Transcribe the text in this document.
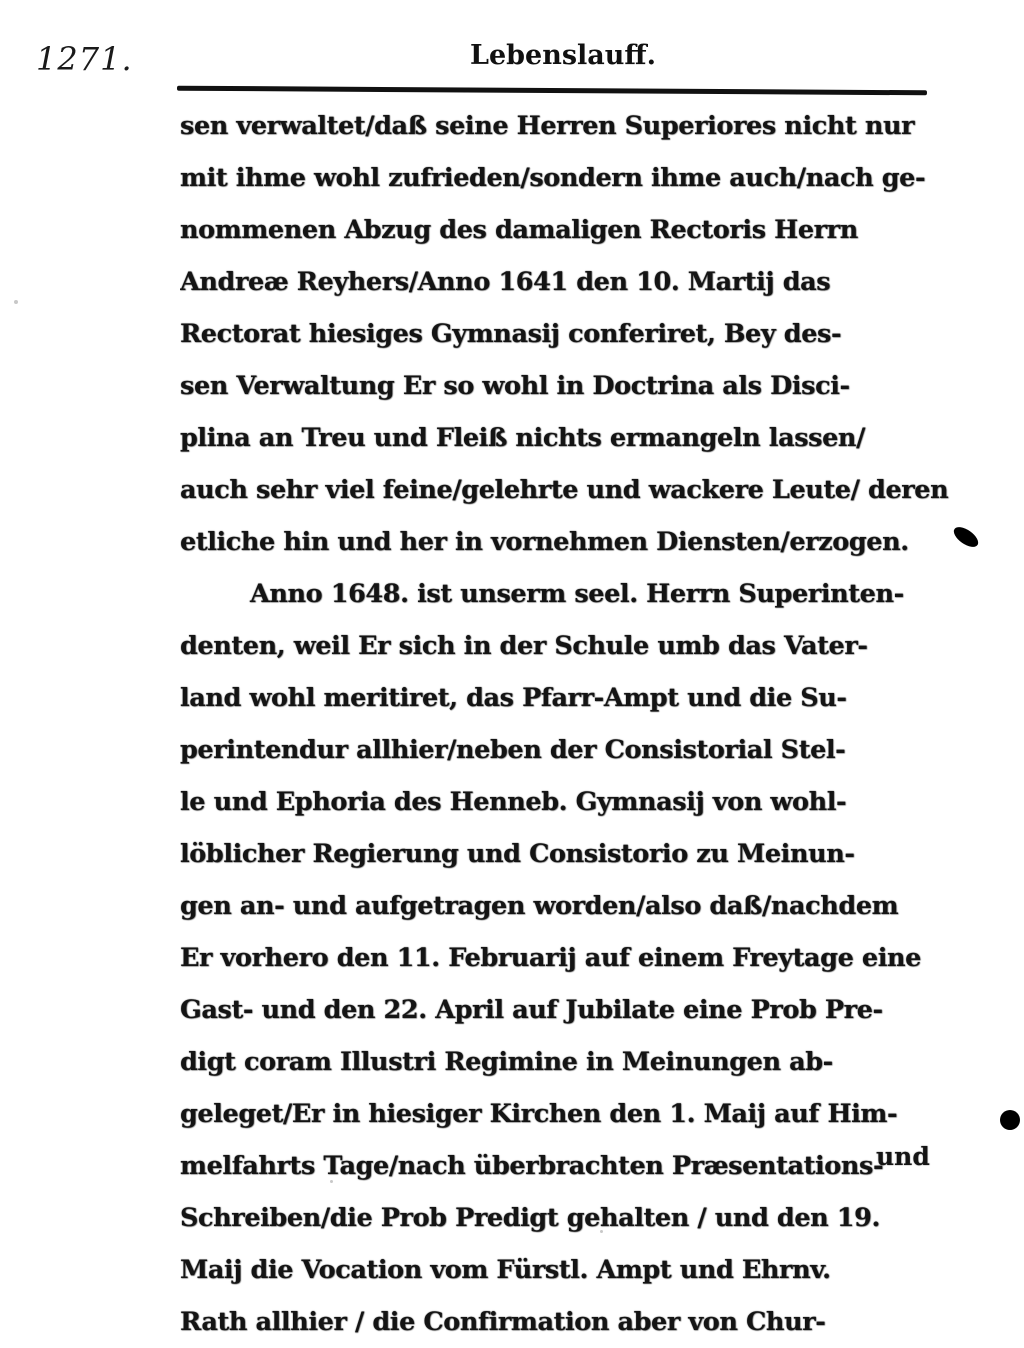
1271.	Lebenslauff.
sen verwaltet/daß seine Herren Superiores nicht nur
mit ihme wohl zufrieden/sondern ihme auch/nach ge-
nommenen Abzug des damaligen Rectoris Herrn
Andreæ Reyhers/Anno 1641 den 10. Martij das
Rectorat hiesiges Gymnasij conferiret, Bey des-
sen Verwaltung Er so wohl in Doctrina als Disci-
plina an Treu und Fleiß nichts ermangeln lassen/
auch sehr viel feine/gelehrte und wackere Leute/ deren
etliche hin und her in vornehmen Diensten/erzogen.
Anno 1648. ist unserm seel. Herrn Superinten-
denten, weil Er sich in der Schule umb das Vater-
land wohl meritiret, das Pfarr-Ampt und die Su-
perintendur allhier/neben der Consistorial Stel-
le und Ephoria des Henneb. Gymnasij von wohl-
löblicher Regierung und Consistorio zu Meinun-
gen an- und aufgetragen worden/also daß/nachdem
Er vorhero den 11. Februarij auf einem Freytage eine
Gast- und den 22. April auf Jubilate eine Prob Pre-
digt coram Illustri Regimine in Meinungen ab-
geleget/Er in hiesiger Kirchen den 1. Maij auf Him-
melfahrts Tage/nach überbrachten Præsentations-
Schreiben/die Prob Predigt gehalten / und den 19.
Maij die Vocation vom Fürstl. Ampt und Ehrnv.
Rath allhier / die Confirmation aber von Chur-
und
